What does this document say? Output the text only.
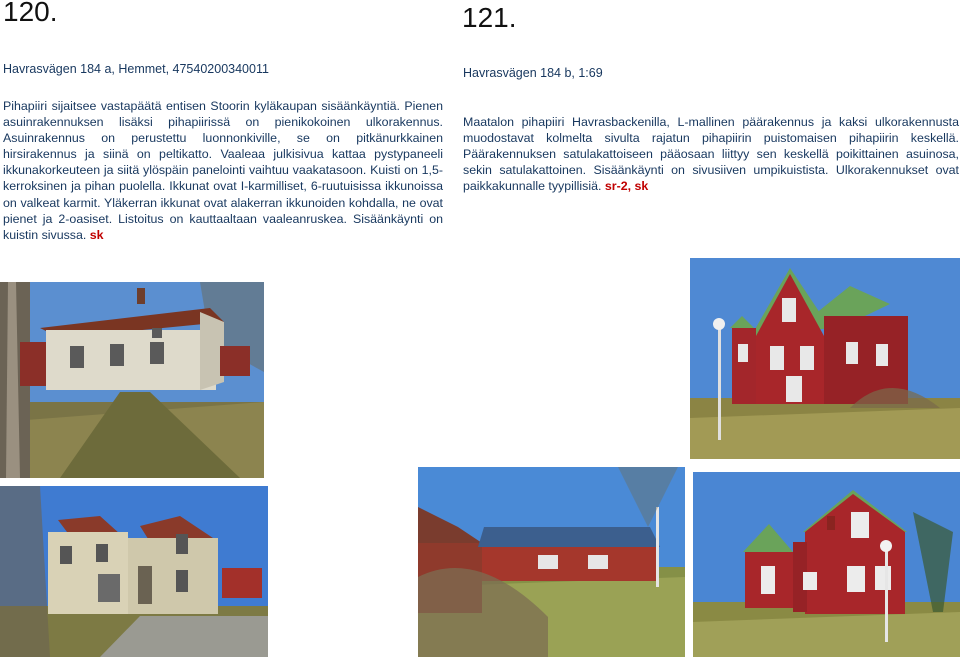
120.
Havrasvägen 184 a, Hemmet, 47540200340011

Pihapiiri sijaitsee vastapäätä entisen Stoorin kyläkaupan sisäänkäyntiä. Pienen asuinrakennuksen lisäksi pihapiirissä on pienikokoinen ulkorakennus. Asuinrakennus on perustettu luonnonkiville, se on pitkänurkkainen hirsirakennus ja siinä on peltikatto. Vaaleaa julkisivua kattaa pystypaneeli ikkunakorkeuteen ja siitä ylöspäin panelointi vaihtuu vaakatasoon. Kuisti on 1,5-kerroksinen ja pihan puolella. Ikkunat ovat I-karmilliset, 6-ruutuisissa ikkunoissa on valkeat karmit. Yläkerran ikkunat ovat alakerran ikkunoiden kohdalla, ne ovat pienet ja 2-oasiset. Listoitus on kauttaaltaan vaaleanruskea. Sisäänkäynti on kuistin sivussa. sk

121.
Havrasvägen 184 b, 1:69

Maatalon pihapiiri Havrasbackenilla, L-mallinen päärakennus ja kaksi ulkorakennusta muodostavat kolmelta sivulta rajatun pihapiirin puistomaisen pihapiirin keskellä. Päärakennuksen satulakattoiseen pääosaan liittyy sen keskellä poikittainen asuinosa, sekin satulakattoinen. Sisäänkäynti on sivusiiven umpikuistista. Ulkorakennukset ovat paikkakunnalle tyypillisiä. sr-2, sk
